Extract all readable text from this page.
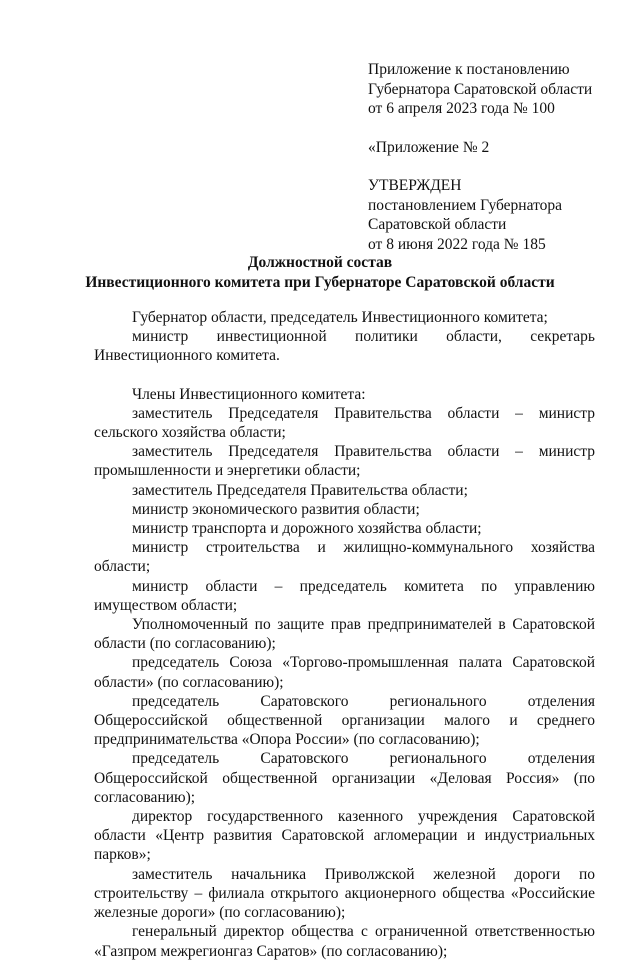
Приложение к постановлению
Губернатора Саратовской области
от 6 апреля 2023 года № 100
«Приложение № 2
УТВЕРЖДЕН
постановлением Губернатора
Саратовской области
от 8 июня 2022 года № 185
Должностной состав
Инвестиционного комитета при Губернаторе Саратовской области

Губернатор области, председатель Инвестиционного комитета;

министр инвестиционной политики области, секретарь Инвестиционного комитета.

Члены Инвестиционного комитета:

заместитель Председателя Правительства области – министр сельского хозяйства области;

заместитель Председателя Правительства области – министр промышленности и энергетики области;

заместитель Председателя Правительства области;

министр экономического развития области;

министр транспорта и дорожного хозяйства области;

министр строительства и жилищно-коммунального хозяйства области;

министр области – председатель комитета по управлению имуществом области;

Уполномоченный по защите прав предпринимателей в Саратовской области (по согласованию);

председатель Союза «Торгово-промышленная палата Саратовской области» (по согласованию);

председатель Саратовского регионального отделения Общероссийской общественной организации малого и среднего предпринимательства «Опора России» (по согласованию);

председатель Саратовского регионального отделения Общероссийской общественной организации «Деловая Россия» (по согласованию);

директор государственного казенного учреждения Саратовской области «Центр развития Саратовской агломерации и индустриальных парков»;

заместитель начальника Приволжской железной дороги по строительству – филиала открытого акционерного общества «Российские железные дороги» (по согласованию);

генеральный директор общества с ограниченной ответственностью «Газпром межрегионгаз Саратов» (по согласованию);
